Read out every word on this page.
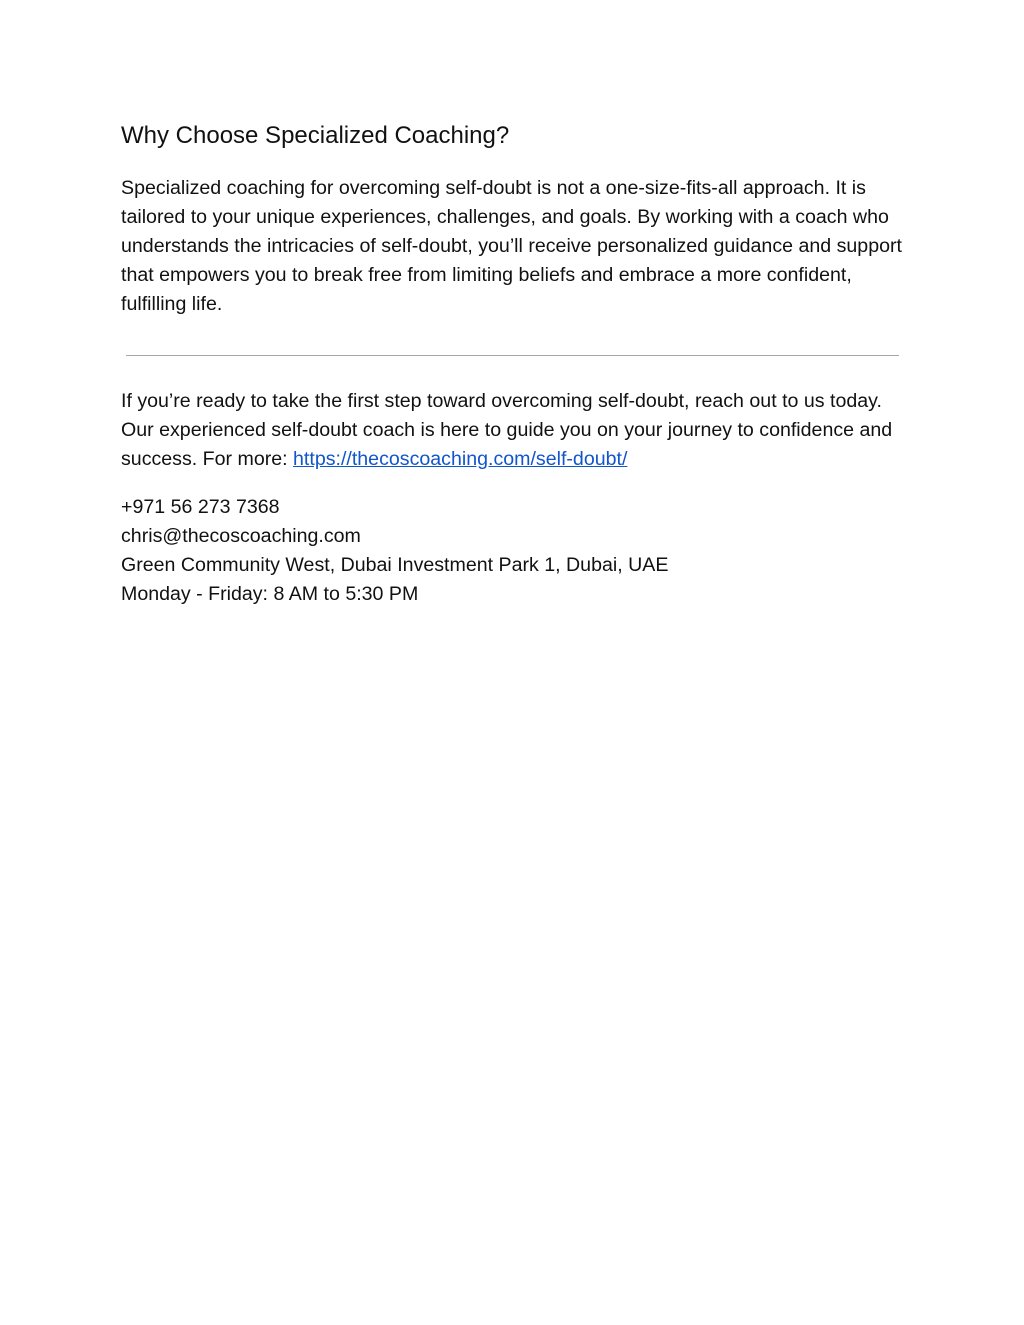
Why Choose Specialized Coaching?

Specialized coaching for overcoming self-doubt is not a one-size-fits-all approach. It is tailored to your unique experiences, challenges, and goals. By working with a coach who understands the intricacies of self-doubt, you’ll receive personalized guidance and support that empowers you to break free from limiting beliefs and embrace a more confident, fulfilling life.

If you’re ready to take the first step toward overcoming self-doubt, reach out to us today. Our experienced self-doubt coach is here to guide you on your journey to confidence and success. For more: https://thecoscoaching.com/self-doubt/

+971 56 273 7368
chris@thecoscoaching.com
Green Community West, Dubai Investment Park 1, Dubai, UAE
Monday - Friday: 8 AM to 5:30 PM
